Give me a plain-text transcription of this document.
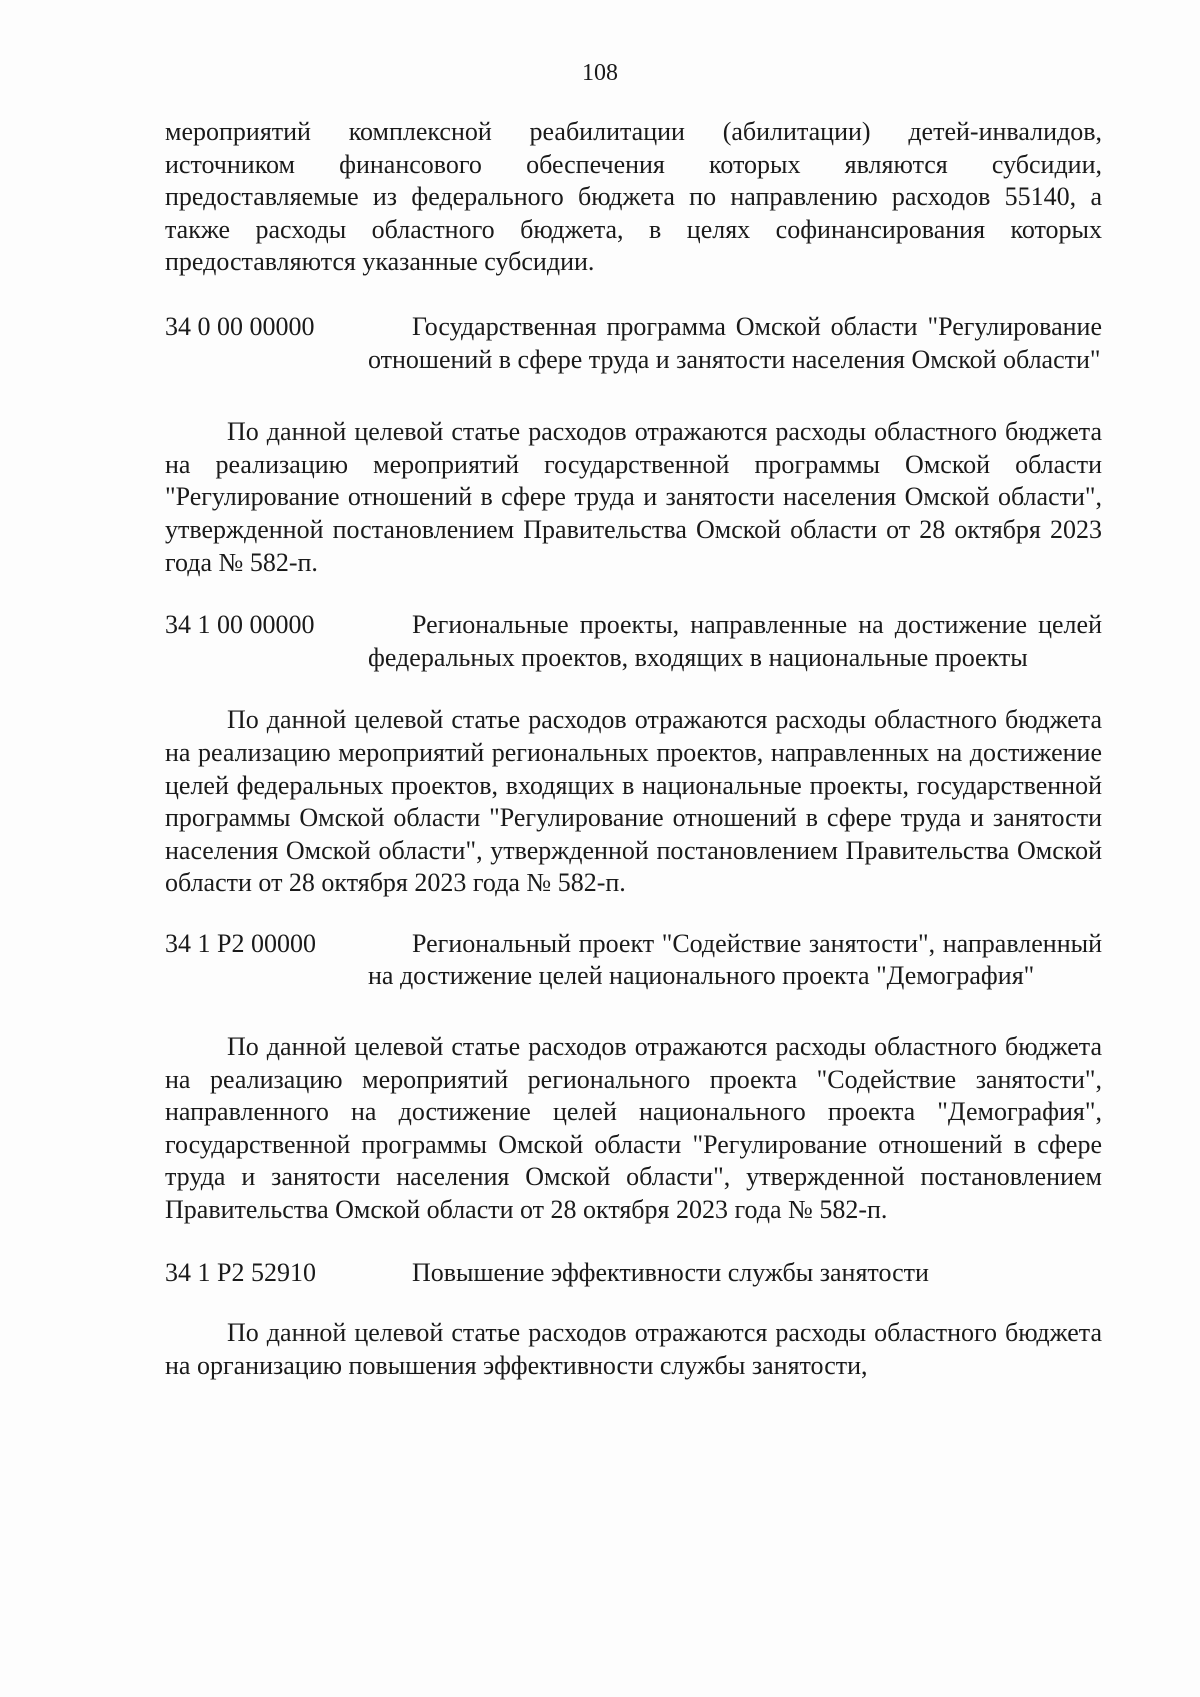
108

мероприятий комплексной реабилитации (абилитации) детей-инвалидов, источником финансового обеспечения которых являются субсидии, предоставляемые из федерального бюджета по направлению расходов 55140, а также расходы областного бюджета, в целях софинансирования которых предоставляются указанные субсидии.

34 0 00 00000	Государственная программа Омской области "Регулирование отношений в сфере труда и занятости населения Омской области"

По данной целевой статье расходов отражаются расходы областного бюджета на реализацию мероприятий государственной программы Омской области "Регулирование отношений в сфере труда и занятости населения Омской области", утвержденной постановлением Правительства Омской области от 28 октября 2023 года № 582-п.

34 1 00 00000	Региональные проекты, направленные на достижение целей федеральных проектов, входящих в национальные проекты

По данной целевой статье расходов отражаются расходы областного бюджета на реализацию мероприятий региональных проектов, направленных на достижение целей федеральных проектов, входящих в национальные проекты, государственной программы Омской области "Регулирование отношений в сфере труда и занятости населения Омской области", утвержденной постановлением Правительства Омской области от 28 октября 2023 года № 582-п.

34 1 Р2 00000	Региональный проект "Содействие занятости", направленный на достижение целей национального проекта "Демография"

По данной целевой статье расходов отражаются расходы областного бюджета на реализацию мероприятий регионального проекта "Содействие занятости", направленного на достижение целей национального проекта "Демография", государственной программы Омской области "Регулирование отношений в сфере труда и занятости населения Омской области", утвержденной постановлением Правительства Омской области от 28 октября 2023 года № 582-п.

34 1 Р2 52910	Повышение эффективности службы занятости

По данной целевой статье расходов отражаются расходы областного бюджета на организацию повышения эффективности службы занятости,
